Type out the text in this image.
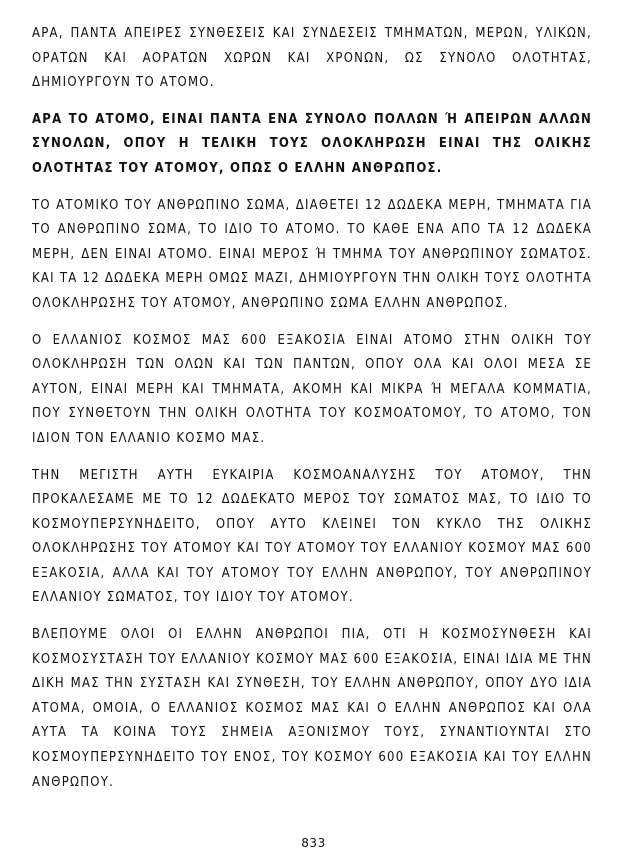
ΑΡΑ, ΠΑΝΤΑ ΑΠΕΙΡΕΣ ΣΥΝΘΕΣΕΙΣ ΚΑΙ ΣΥΝΔΕΣΕΙΣ ΤΜΗΜΑΤΩΝ, ΜΕΡΩΝ, ΥΛΙΚΩΝ, ΟΡΑΤΩΝ ΚΑΙ ΑΟΡΑΤΩΝ ΧΩΡΩΝ ΚΑΙ ΧΡΟΝΩΝ, ΩΣ ΣΥΝΟΛΟ ΟΛΟΤΗΤΑΣ, ΔΗΜΙΟΥΡΓΟΥΝ ΤΟ ΑΤΟΜΟ.

ΑΡΑ ΤΟ ΑΤΟΜΟ, ΕΙΝΑΙ ΠΑΝΤΑ ΕΝΑ ΣΥΝΟΛΟ ΠΟΛΛΩΝ Ή ΑΠΕΙΡΩΝ ΑΛΛΩΝ ΣΥΝΟΛΩΝ, ΟΠΟΥ Η ΤΕΛΙΚΗ ΤΟΥΣ ΟΛΟΚΛΗΡΩΣΗ ΕΙΝΑΙ ΤΗΣ ΟΛΙΚΗΣ ΟΛΟΤΗΤΑΣ ΤΟΥ ΑΤΟΜΟΥ, ΟΠΩΣ Ο ΕΛΛΗΝ ΑΝΘΡΩΠΟΣ.

ΤΟ ΑΤΟΜΙΚΟ ΤΟΥ ΑΝΘΡΩΠΙΝΟ ΣΩΜΑ, ΔΙΑΘΕΤΕΙ 12 ΔΩΔΕΚΑ ΜΕΡΗ, ΤΜΗΜΑΤΑ ΓΙΑ ΤΟ ΑΝΘΡΩΠΙΝΟ ΣΩΜΑ, ΤΟ ΙΔΙΟ ΤΟ ΑΤΟΜΟ. ΤΟ ΚΑΘΕ ΕΝΑ ΑΠΟ ΤΑ 12 ΔΩΔΕΚΑ ΜΕΡΗ, ΔΕΝ ΕΙΝΑΙ ΑΤΟΜΟ. ΕΙΝΑΙ ΜΕΡΟΣ Ή ΤΜΗΜΑ ΤΟΥ ΑΝΘΡΩΠΙΝΟΥ ΣΩΜΑΤΟΣ. ΚΑΙ ΤΑ 12 ΔΩΔΕΚΑ ΜΕΡΗ ΟΜΩΣ ΜΑΖΙ, ΔΗΜΙΟΥΡΓΟΥΝ ΤΗΝ ΟΛΙΚΗ ΤΟΥΣ ΟΛΟΤΗΤΑ ΟΛΟΚΛΗΡΩΣΗΣ ΤΟΥ ΑΤΟΜΟΥ, ΑΝΘΡΩΠΙΝΟ ΣΩΜΑ ΕΛΛΗΝ ΑΝΘΡΩΠΟΣ.

Ο ΕΛΛΑΝΙΟΣ ΚΟΣΜΟΣ ΜΑΣ 600 ΕΞΑΚΟΣΙΑ ΕΙΝΑΙ ΑΤΟΜΟ ΣΤΗΝ ΟΛΙΚΗ ΤΟΥ ΟΛΟΚΛΗΡΩΣΗ ΤΩΝ ΟΛΩΝ ΚΑΙ ΤΩΝ ΠΑΝΤΩΝ, ΟΠΟΥ ΟΛΑ ΚΑΙ ΟΛΟΙ ΜΕΣΑ ΣΕ ΑΥΤΟΝ, ΕΙΝΑΙ ΜΕΡΗ ΚΑΙ ΤΜΗΜΑΤΑ, ΑΚΟΜΗ ΚΑΙ ΜΙΚΡΑ Ή ΜΕΓΑΛΑ ΚΟΜΜΑΤΙΑ, ΠΟΥ ΣΥΝΘΕΤΟΥΝ ΤΗΝ ΟΛΙΚΗ ΟΛΟΤΗΤΑ ΤΟΥ ΚΟΣΜΟΑΤΟΜΟΥ, ΤΟ ΑΤΟΜΟ, ΤΟΝ ΙΔΙΟΝ ΤΟΝ ΕΛΛΑΝΙΟ ΚΟΣΜΟ ΜΑΣ.

ΤΗΝ ΜΕΓΙΣΤΗ ΑΥΤΗ ΕΥΚΑΙΡΙΑ ΚΟΣΜΟΑΝΑΛΥΣΗΣ ΤΟΥ ΑΤΟΜΟΥ, ΤΗΝ ΠΡΟΚΑΛΕΣΑΜΕ ΜΕ ΤΟ 12 ΔΩΔΕΚΑΤΟ ΜΕΡΟΣ ΤΟΥ ΣΩΜΑΤΟΣ ΜΑΣ, ΤΟ ΙΔΙΟ ΤΟ ΚΟΣΜΟΥΠΕΡΣΥΝΗΔΕΙΤΟ, ΟΠΟΥ ΑΥΤΟ ΚΛΕΙΝΕΙ ΤΟΝ ΚΥΚΛΟ ΤΗΣ ΟΛΙΚΗΣ ΟΛΟΚΛΗΡΩΣΗΣ ΤΟΥ ΑΤΟΜΟΥ ΚΑΙ ΤΟΥ ΑΤΟΜΟΥ ΤΟΥ ΕΛΛΑΝΙΟΥ ΚΟΣΜΟΥ ΜΑΣ 600 ΕΞΑΚΟΣΙΑ, ΑΛΛΑ ΚΑΙ ΤΟΥ ΑΤΟΜΟΥ ΤΟΥ ΕΛΛΗΝ ΑΝΘΡΩΠΟΥ, ΤΟΥ ΑΝΘΡΩΠΙΝΟΥ ΕΛΛΑΝΙΟΥ ΣΩΜΑΤΟΣ, ΤΟΥ ΙΔΙΟΥ ΤΟΥ ΑΤΟΜΟΥ.

ΒΛΕΠΟΥΜΕ ΟΛΟΙ ΟΙ ΕΛΛΗΝ ΑΝΘΡΩΠΟΙ ΠΙΑ, ΟΤΙ Η ΚΟΣΜΟΣΥΝΘΕΣΗ ΚΑΙ ΚΟΣΜΟΣΥΣΤΑΣΗ ΤΟΥ ΕΛΛΑΝΙΟΥ ΚΟΣΜΟΥ ΜΑΣ 600 ΕΞΑΚΟΣΙΑ, ΕΙΝΑΙ ΙΔΙΑ ΜΕ ΤΗΝ ΔΙΚΗ ΜΑΣ ΤΗΝ ΣΥΣΤΑΣΗ ΚΑΙ ΣΥΝΘΕΣΗ, ΤΟΥ ΕΛΛΗΝ ΑΝΘΡΩΠΟΥ, ΟΠΟΥ ΔΥΟ ΙΔΙΑ ΑΤΟΜΑ, ΟΜΟΙΑ, Ο ΕΛΛΑΝΙΟΣ ΚΟΣΜΟΣ ΜΑΣ ΚΑΙ Ο ΕΛΛΗΝ ΑΝΘΡΩΠΟΣ ΚΑΙ ΟΛΑ ΑΥΤΑ ΤΑ ΚΟΙΝΑ ΤΟΥΣ ΣΗΜΕΙΑ ΑΞΟΝΙΣΜΟΥ ΤΟΥΣ, ΣΥΝΑΝΤΙΟΥΝΤΑΙ ΣΤΟ ΚΟΣΜΟΥΠΕΡΣΥΝΗΔΕΙΤΟ ΤΟΥ ΕΝΟΣ, ΤΟΥ ΚΟΣΜΟΥ 600 ΕΞΑΚΟΣΙΑ ΚΑΙ ΤΟΥ ΕΛΛΗΝ ΑΝΘΡΩΠΟΥ.

833
